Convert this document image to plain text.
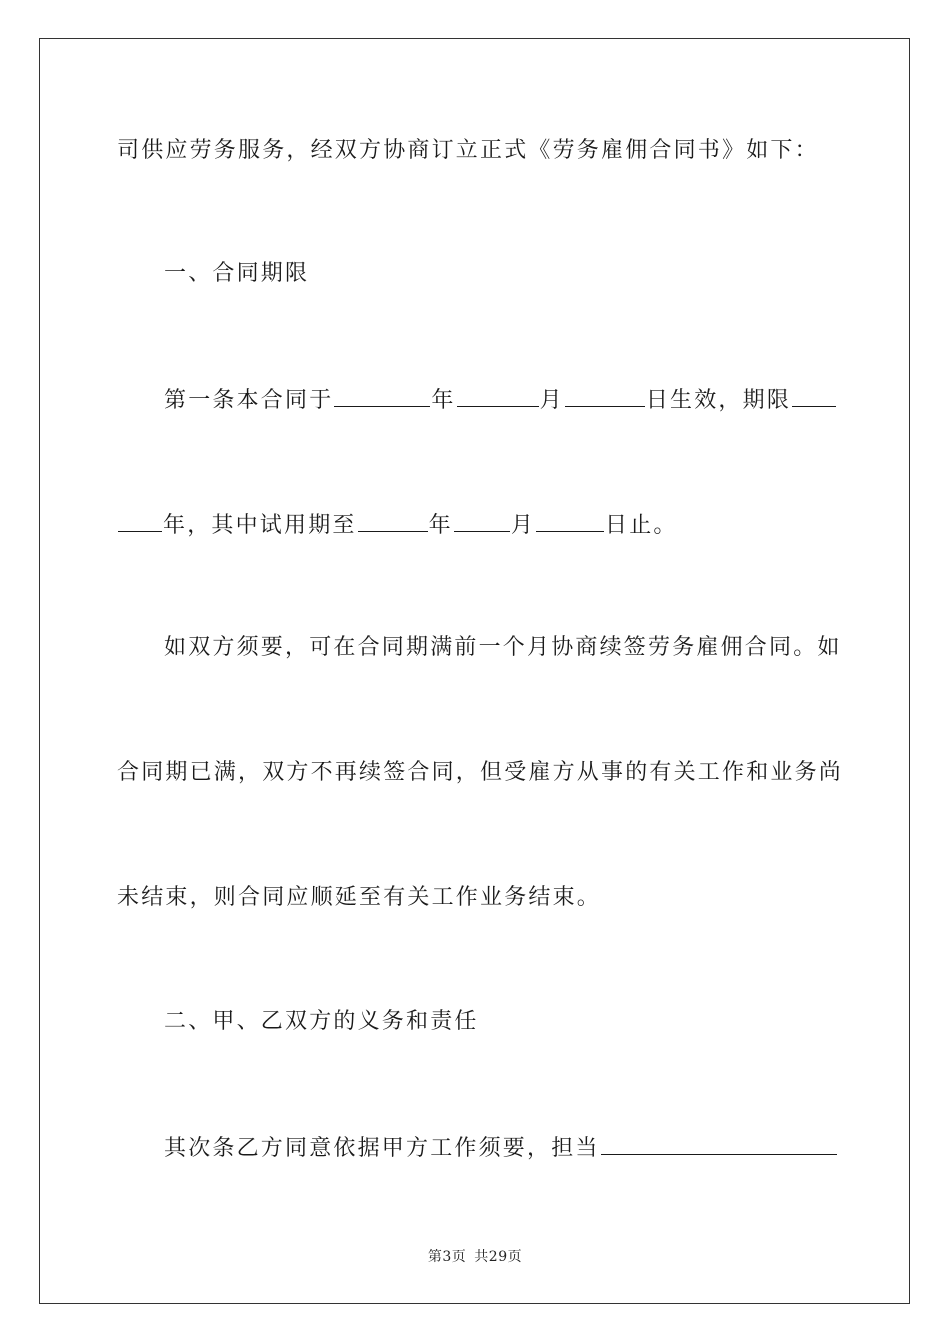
司供应劳务服务，经双方协商订立正式《劳务雇佣合同书》如下：
一、合同期限
第一条本合同于	年	月	日生效，期限
年，其中试用期至	年	月	日止。
如双方须要，可在合同期满前一个月协商续签劳务雇佣合同。如
合同期已满，双方不再续签合同，但受雇方从事的有关工作和业务尚
未结束，则合同应顺延至有关工作业务结束。
二、甲、乙双方的义务和责任
其次条乙方同意依据甲方工作须要，担当
第3页 共29页
